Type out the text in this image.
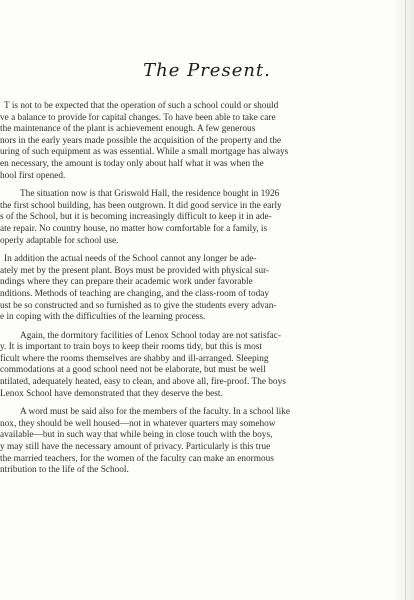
The Present.
T is not to be expected that the operation of such a school could or should
ve a balance to provide for capital changes. To have been able to take care
the maintenance of the plant is achievement enough. A few generous
nors in the early years made possible the acquisition of the property and the
uring of such equipment as was essential. While a small mortgage has always
en necessary, the amount is today only about half what it was when the
hool first opened.
The situation now is that Griswold Hall, the residence bought in 1926
the first school building, has been outgrown. It did good service in the early
s of the School, but it is becoming increasingly difficult to keep it in ade-
ate repair. No country house, no matter how comfortable for a family, is
operly adaptable for school use.
In addition the actual needs of the School cannot any longer be ade-
ately met by the present plant. Boys must be provided with physical sur-
ndings where they can prepare their academic work under favorable
nditions. Methods of teaching are changing, and the class-room of today
ust be so constructed and so furnished as to give the students every advan-
e in coping with the difficulties of the learning process.
Again, the dormitory facilities of Lenox School today are not satisfac-
y. It is important to train boys to keep their rooms tidy, but this is most
ficult where the rooms themselves are shabby and ill-arranged. Sleeping
commodations at a good school need not be elaborate, but must be well
ntilated, adequately heated, easy to clean, and above all, fire-proof. The boys
Lenox School have demonstrated that they deserve the best.
A word must be said also for the members of the faculty. In a school like
nox, they should be well housed—not in whatever quarters may somehow
available—but in such way that while being in close touch with the boys,
y may still have the necessary amount of privacy. Particularly is this true
the married teachers, for the women of the faculty can make an enormous
ntribution to the life of the School.
